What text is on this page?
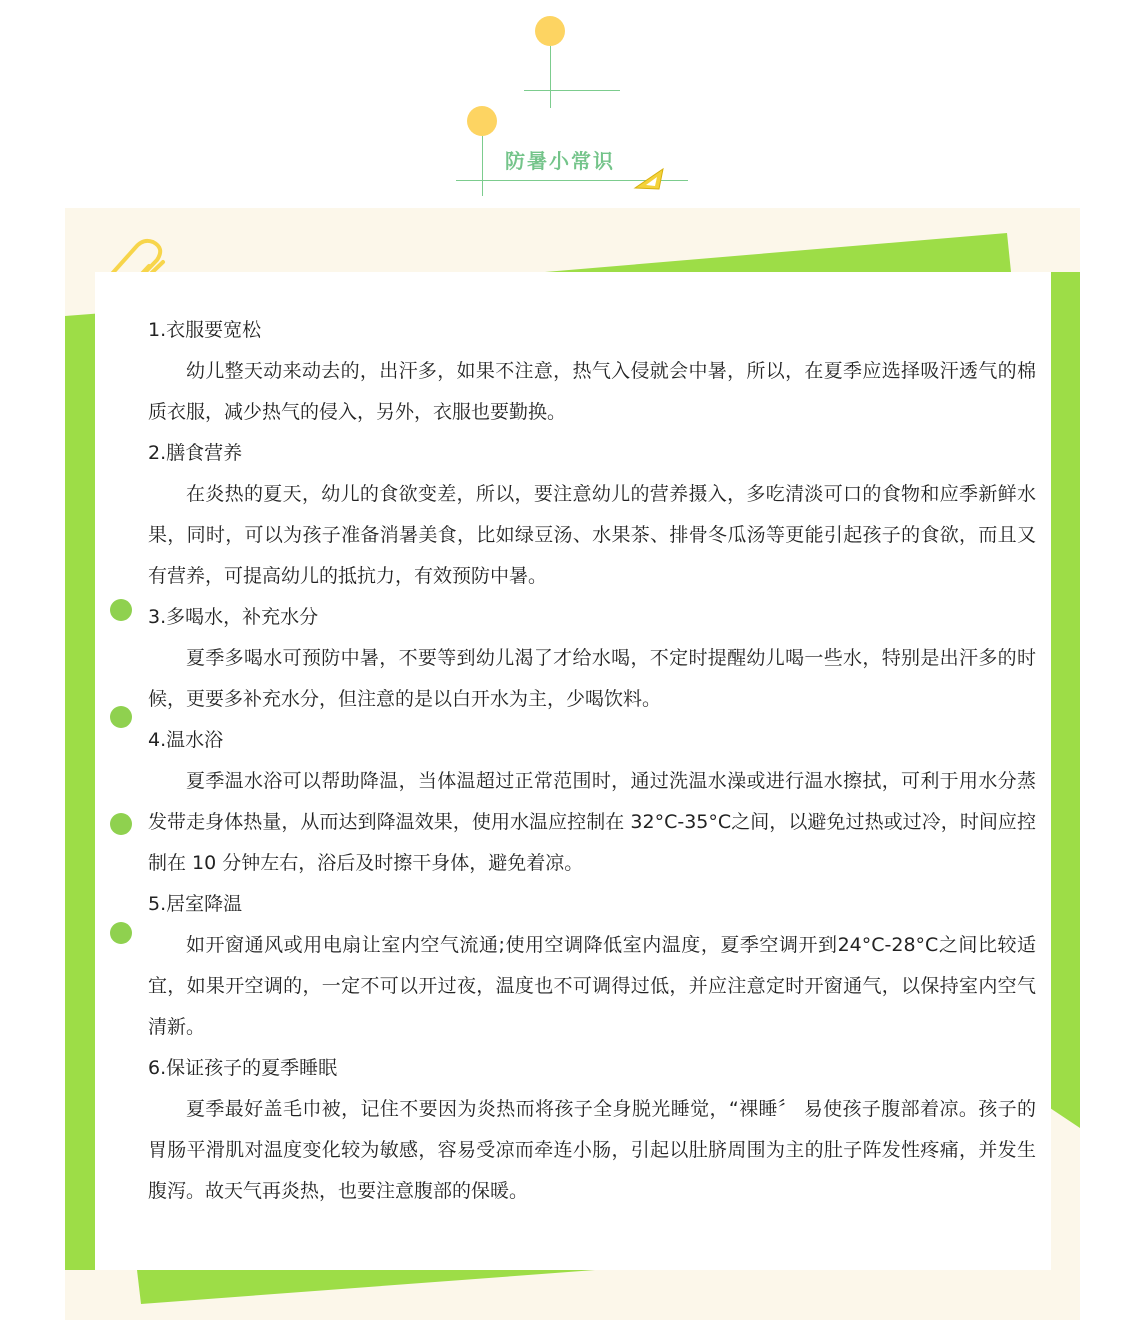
防暑小常识

1.衣服要宽松

幼儿整天动来动去的，出汗多，如果不注意，热气入侵就会中暑，所以，在夏季应选择吸汗透气的棉质衣服，减少热气的侵入，另外，衣服也要勤换。

2.膳食营养

在炎热的夏天，幼儿的食欲变差，所以，要注意幼儿的营养摄入，多吃清淡可口的食物和应季新鲜水果，同时，可以为孩子准备消暑美食，比如绿豆汤、水果茶、排骨冬瓜汤等更能引起孩子的食欲，而且又有营养，可提高幼儿的抵抗力，有效预防中暑。

3.多喝水，补充水分

夏季多喝水可预防中暑，不要等到幼儿渴了才给水喝，不定时提醒幼儿喝一些水，特别是出汗多的时候，更要多补充水分，但注意的是以白开水为主，少喝饮料。

4.温水浴

夏季温水浴可以帮助降温，当体温超过正常范围时，通过洗温水澡或进行温水擦拭，可利于用水分蒸发带走身体热量，从而达到降温效果，使用水温应控制在 32°C-35°C之间，以避免过热或过冷，时间应控制在 10 分钟左右，浴后及时擦干身体，避免着凉。

5.居室降温

如开窗通风或用电扇让室内空气流通;使用空调降低室内温度，夏季空调开到24°C-28°C之间比较适宜，如果开空调的，一定不可以开过夜，温度也不可调得过低，并应注意定时开窗通气，以保持室内空气清新。

6.保证孩子的夏季睡眠

夏季最好盖毛巾被，记住不要因为炎热而将孩子全身脱光睡觉，“裸睡〞 易使孩子腹部着凉。孩子的胃肠平滑肌对温度变化较为敏感，容易受凉而牵连小肠，引起以肚脐周围为主的肚子阵发性疼痛，并发生腹泻。故天气再炎热，也要注意腹部的保暖。
